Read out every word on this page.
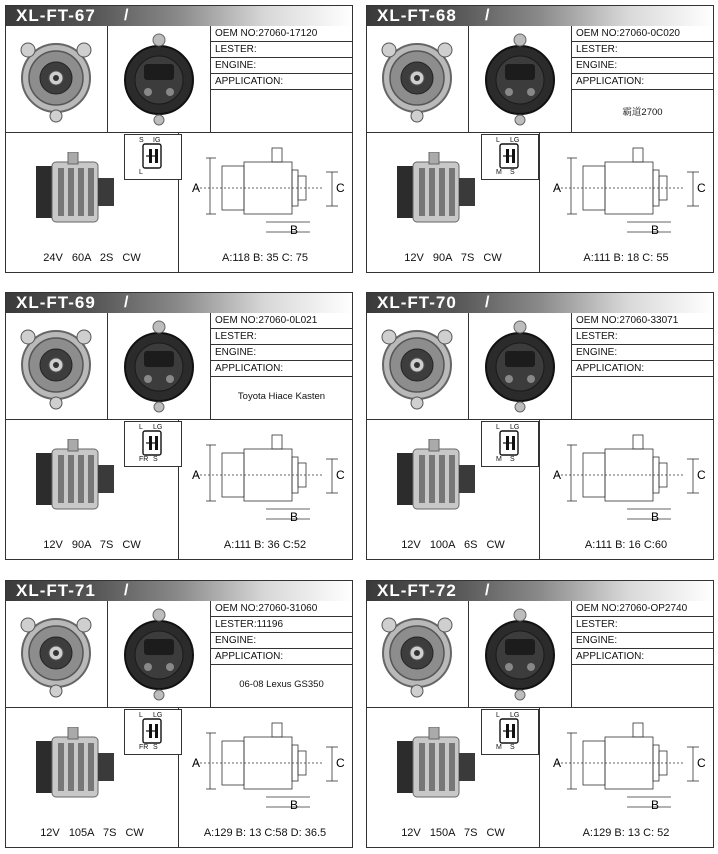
XL-FT-67 /
OEM NO:27060-17120
LESTER:
ENGINE:
APPLICATION:
S IG
L
A	C
B
24V 60A 2S CW	A:118 B: 35 C: 75
XL-FT-68 /
OEM NO:27060-0C020
LESTER:
ENGINE:
APPLICATION:
霸道2700
L LG
M S
A	C
B
12V 90A 7S CW	A:111 B: 18 C: 55
XL-FT-69 /
OEM NO:27060-0L021
LESTER:
ENGINE:
APPLICATION:
Toyota Hiace Kasten
L LG
FR S
A	C
B
12V 90A 7S CW	A:111 B: 36 C:52
XL-FT-70 /
OEM NO:27060-33071
LESTER:
ENGINE:
APPLICATION:
L LG
M S
A	C
B
12V 100A 6S CW	A:111 B: 16 C:60
XL-FT-71 /
OEM NO:27060-31060
LESTER:11196
ENGINE:
APPLICATION:
06-08 Lexus GS350
L LG
FR S
A	C
B
12V 105A 7S CW	A:129 B: 13 C:58 D: 36.5
XL-FT-72 /
OEM NO:27060-OP2740
LESTER:
ENGINE:
APPLICATION:
L LG
M S
A	C
B
12V 150A 7S CW	A:129 B: 13 C: 52
